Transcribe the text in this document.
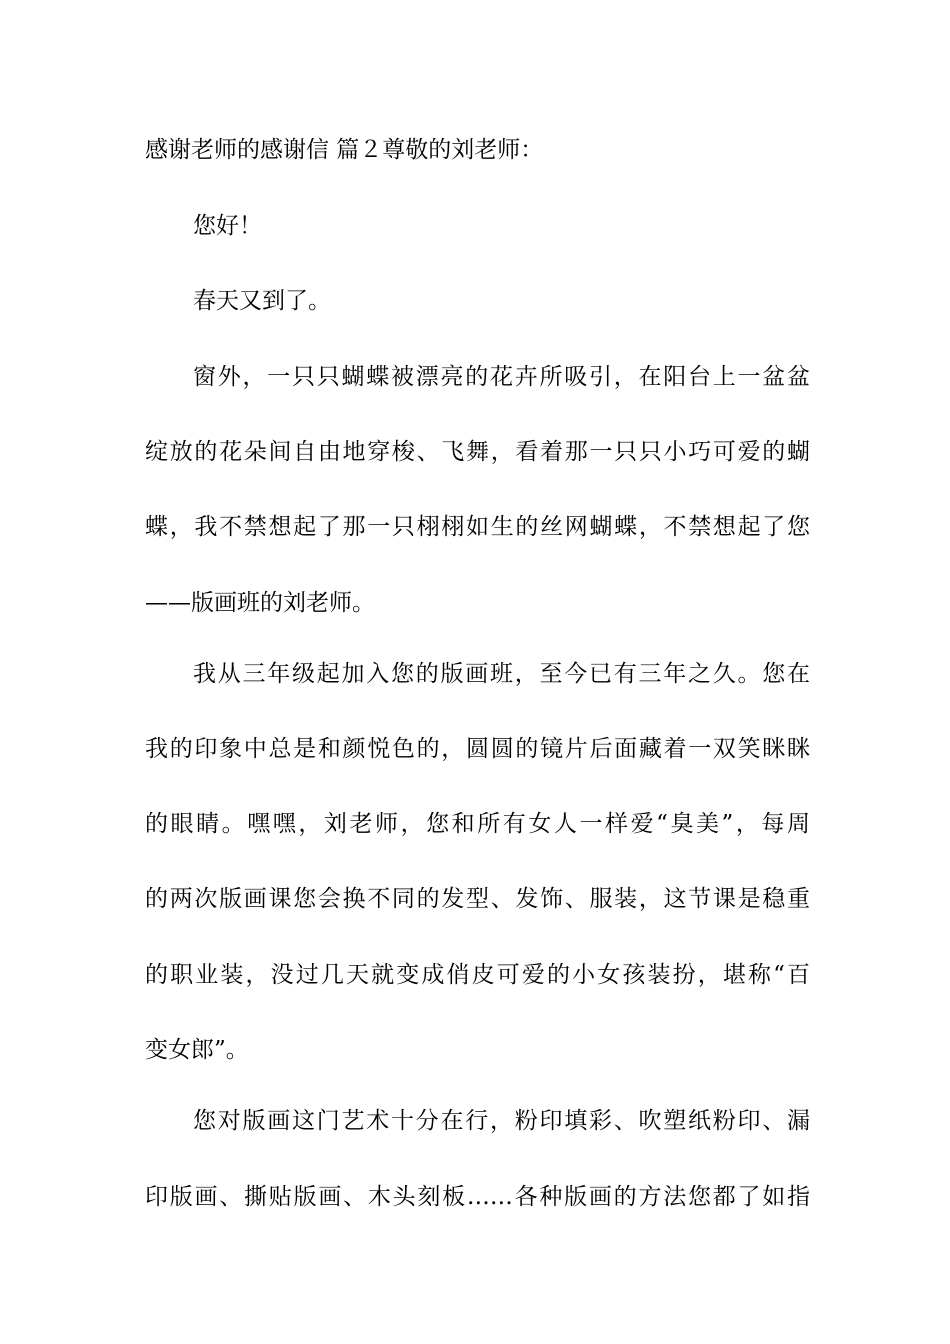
感谢老师的感谢信 篇２尊敬的刘老师：
您好！
春天又到了。
窗外，一只只蝴蝶被漂亮的花卉所吸引，在阳台上一盆盆
绽放的花朵间自由地穿梭、飞舞，看着那一只只小巧可爱的蝴
蝶，我不禁想起了那一只栩栩如生的丝网蝴蝶，不禁想起了您
——版画班的刘老师。
我从三年级起加入您的版画班，至今已有三年之久。您在
我的印象中总是和颜悦色的，圆圆的镜片后面藏着一双笑眯眯
的眼睛。嘿嘿，刘老师，您和所有女人一样爱“臭美”，每周
的两次版画课您会换不同的发型、发饰、服装，这节课是稳重
的职业装，没过几天就变成俏皮可爱的小女孩装扮，堪称“百
变女郎”。
您对版画这门艺术十分在行，粉印填彩、吹塑纸粉印、漏
印版画、撕贴版画、木头刻板……各种版画的方法您都了如指
